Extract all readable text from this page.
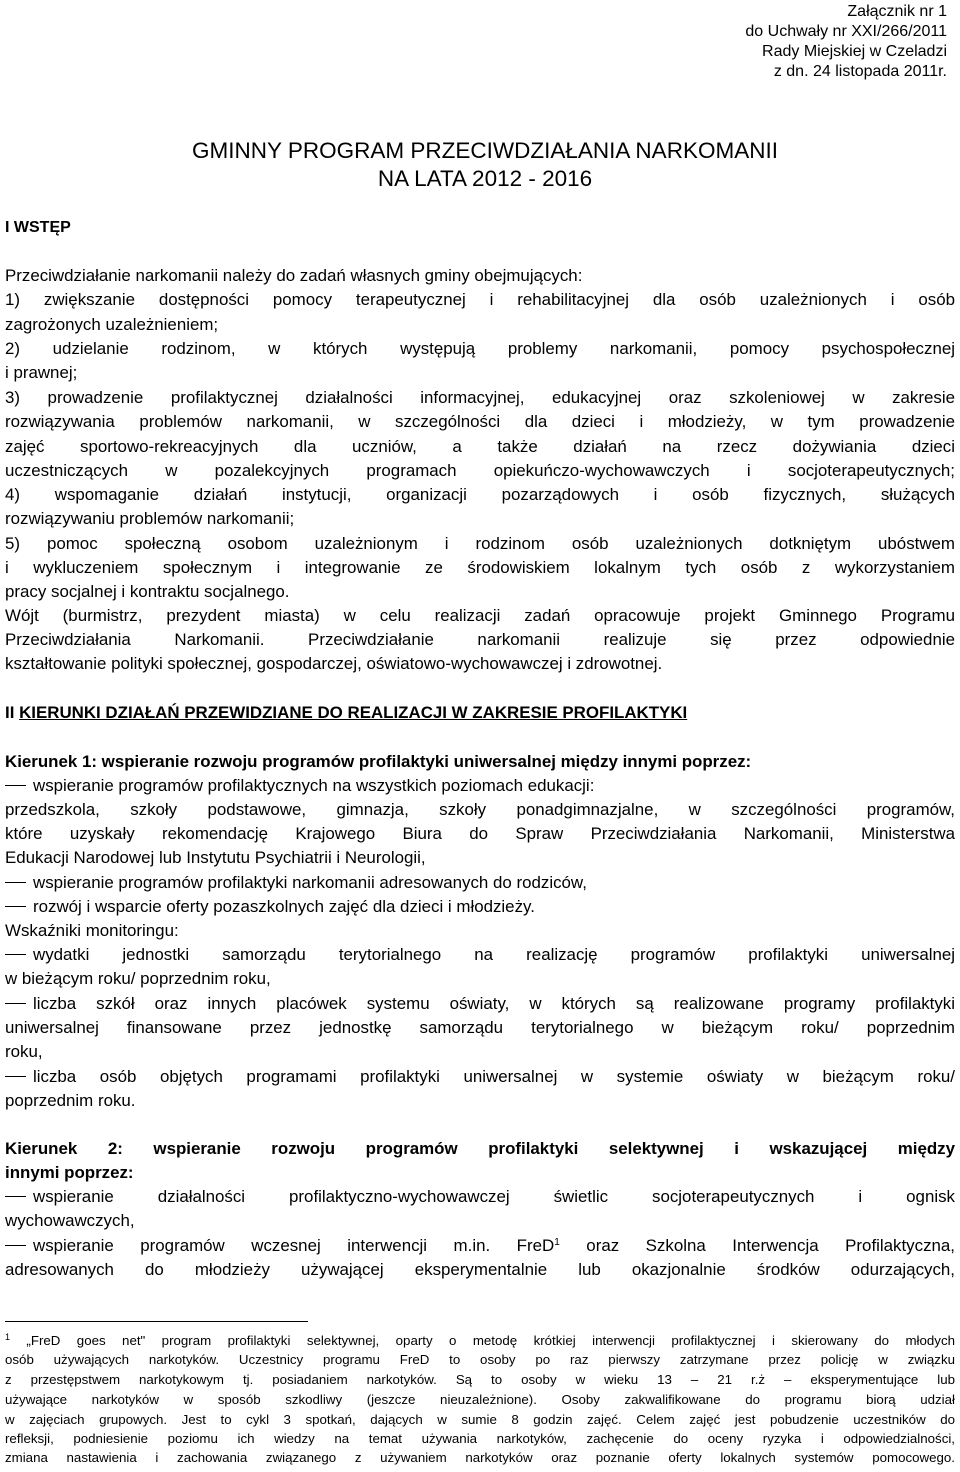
Załącznik nr 1
do Uchwały nr XXI/266/2011
Rady Miejskiej w Czeladzi
z dn. 24 listopada 2011r.
GMINNY PROGRAM PRZECIWDZIAŁANIA NARKOMANII
NA LATA 2012 - 2016
I WSTĘP
Przeciwdziałanie narkomanii należy do zadań własnych gminy obejmujących:
1) zwiększanie dostępności pomocy terapeutycznej i rehabilitacyjnej dla osób uzależnionych i osób
zagrożonych uzależnieniem;
2) udzielanie rodzinom, w których występują problemy narkomanii, pomocy psychospołecznej
i prawnej;
3) prowadzenie profilaktycznej działalności informacyjnej, edukacyjnej oraz szkoleniowej w zakresie
rozwiązywania problemów narkomanii, w szczególności dla dzieci i młodzieży, w tym prowadzenie
zajęć sportowo-rekreacyjnych dla uczniów, a także działań na rzecz dożywiania dzieci
uczestniczących w pozalekcyjnych programach opiekuńczo-wychowawczych i socjoterapeutycznych;
4) wspomaganie działań instytucji, organizacji pozarządowych i osób fizycznych, służących
rozwiązywaniu problemów narkomanii;
5) pomoc społeczną osobom uzależnionym i rodzinom osób uzależnionych dotkniętym ubóstwem
i wykluczeniem społecznym i integrowanie ze środowiskiem lokalnym tych osób z wykorzystaniem
pracy socjalnej i kontraktu socjalnego.
Wójt (burmistrz, prezydent miasta) w celu realizacji zadań opracowuje projekt Gminnego Programu
Przeciwdziałania Narkomanii. Przeciwdziałanie narkomanii realizuje się przez odpowiednie
kształtowanie polityki społecznej, gospodarczej, oświatowo-wychowawczej i zdrowotnej.
II KIERUNKI DZIAŁAŃ PRZEWIDZIANE DO REALIZACJI W ZAKRESIE PROFILAKTYKI
Kierunek 1: wspieranie rozwoju programów profilaktyki uniwersalnej między innymi poprzez:
wspieranie programów profilaktycznych na wszystkich poziomach edukacji:
przedszkola, szkoły podstawowe, gimnazja, szkoły ponadgimnazjalne, w szczególności programów,
które uzyskały rekomendację Krajowego Biura do Spraw Przeciwdziałania Narkomanii, Ministerstwa
Edukacji Narodowej lub Instytutu Psychiatrii i Neurologii,
wspieranie programów profilaktyki narkomanii adresowanych do rodziców,
rozwój i wsparcie oferty pozaszkolnych zajęć dla dzieci i młodzieży.
Wskaźniki monitoringu:
wydatki jednostki samorządu terytorialnego na realizację programów profilaktyki uniwersalnej
w bieżącym roku/ poprzednim roku,
liczba szkół oraz innych placówek systemu oświaty, w których są realizowane programy profilaktyki
uniwersalnej finansowane przez jednostkę samorządu terytorialnego w bieżącym roku/ poprzednim
roku,
liczba osób objętych programami profilaktyki uniwersalnej w systemie oświaty w bieżącym roku/
poprzednim roku.
Kierunek 2: wspieranie rozwoju programów profilaktyki selektywnej i wskazującej między
innymi poprzez:
wspieranie działalności profilaktyczno-wychowawczej świetlic socjoterapeutycznych i ognisk
wychowawczych,
wspieranie programów wczesnej interwencji m.in. FreD$^1$ oraz Szkolna Interwencja Profilaktyczna,
adresowanych do młodzieży używającej eksperymentalnie lub okazjonalnie środków odurzających,
$^1$ „FreD goes net" program profilaktyki selektywnej, oparty o metodę krótkiej interwencji profilaktycznej i skierowany do młodych
osób używających narkotyków. Uczestnicy programu FreD to osoby po raz pierwszy zatrzymane przez policję w związku
z przestępstwem narkotykowym tj. posiadaniem narkotyków. Są to osoby w wieku 13 – 21 r.ż – eksperymentujące lub
używające narkotyków w sposób szkodliwy (jeszcze nieuzależnione). Osoby zakwalifikowane do programu biorą udział
w zajęciach grupowych. Jest to cykl 3 spotkań, dających w sumie 8 godzin zajęć. Celem zajęć jest pobudzenie uczestników do
refleksji, podniesienie poziomu ich wiedzy na temat używania narkotyków, zachęcenie do oceny ryzyka i odpowiedzialności,
zmiana nastawienia i zachowania związanego z używaniem narkotyków oraz poznanie oferty lokalnych systemów pomocowego.
